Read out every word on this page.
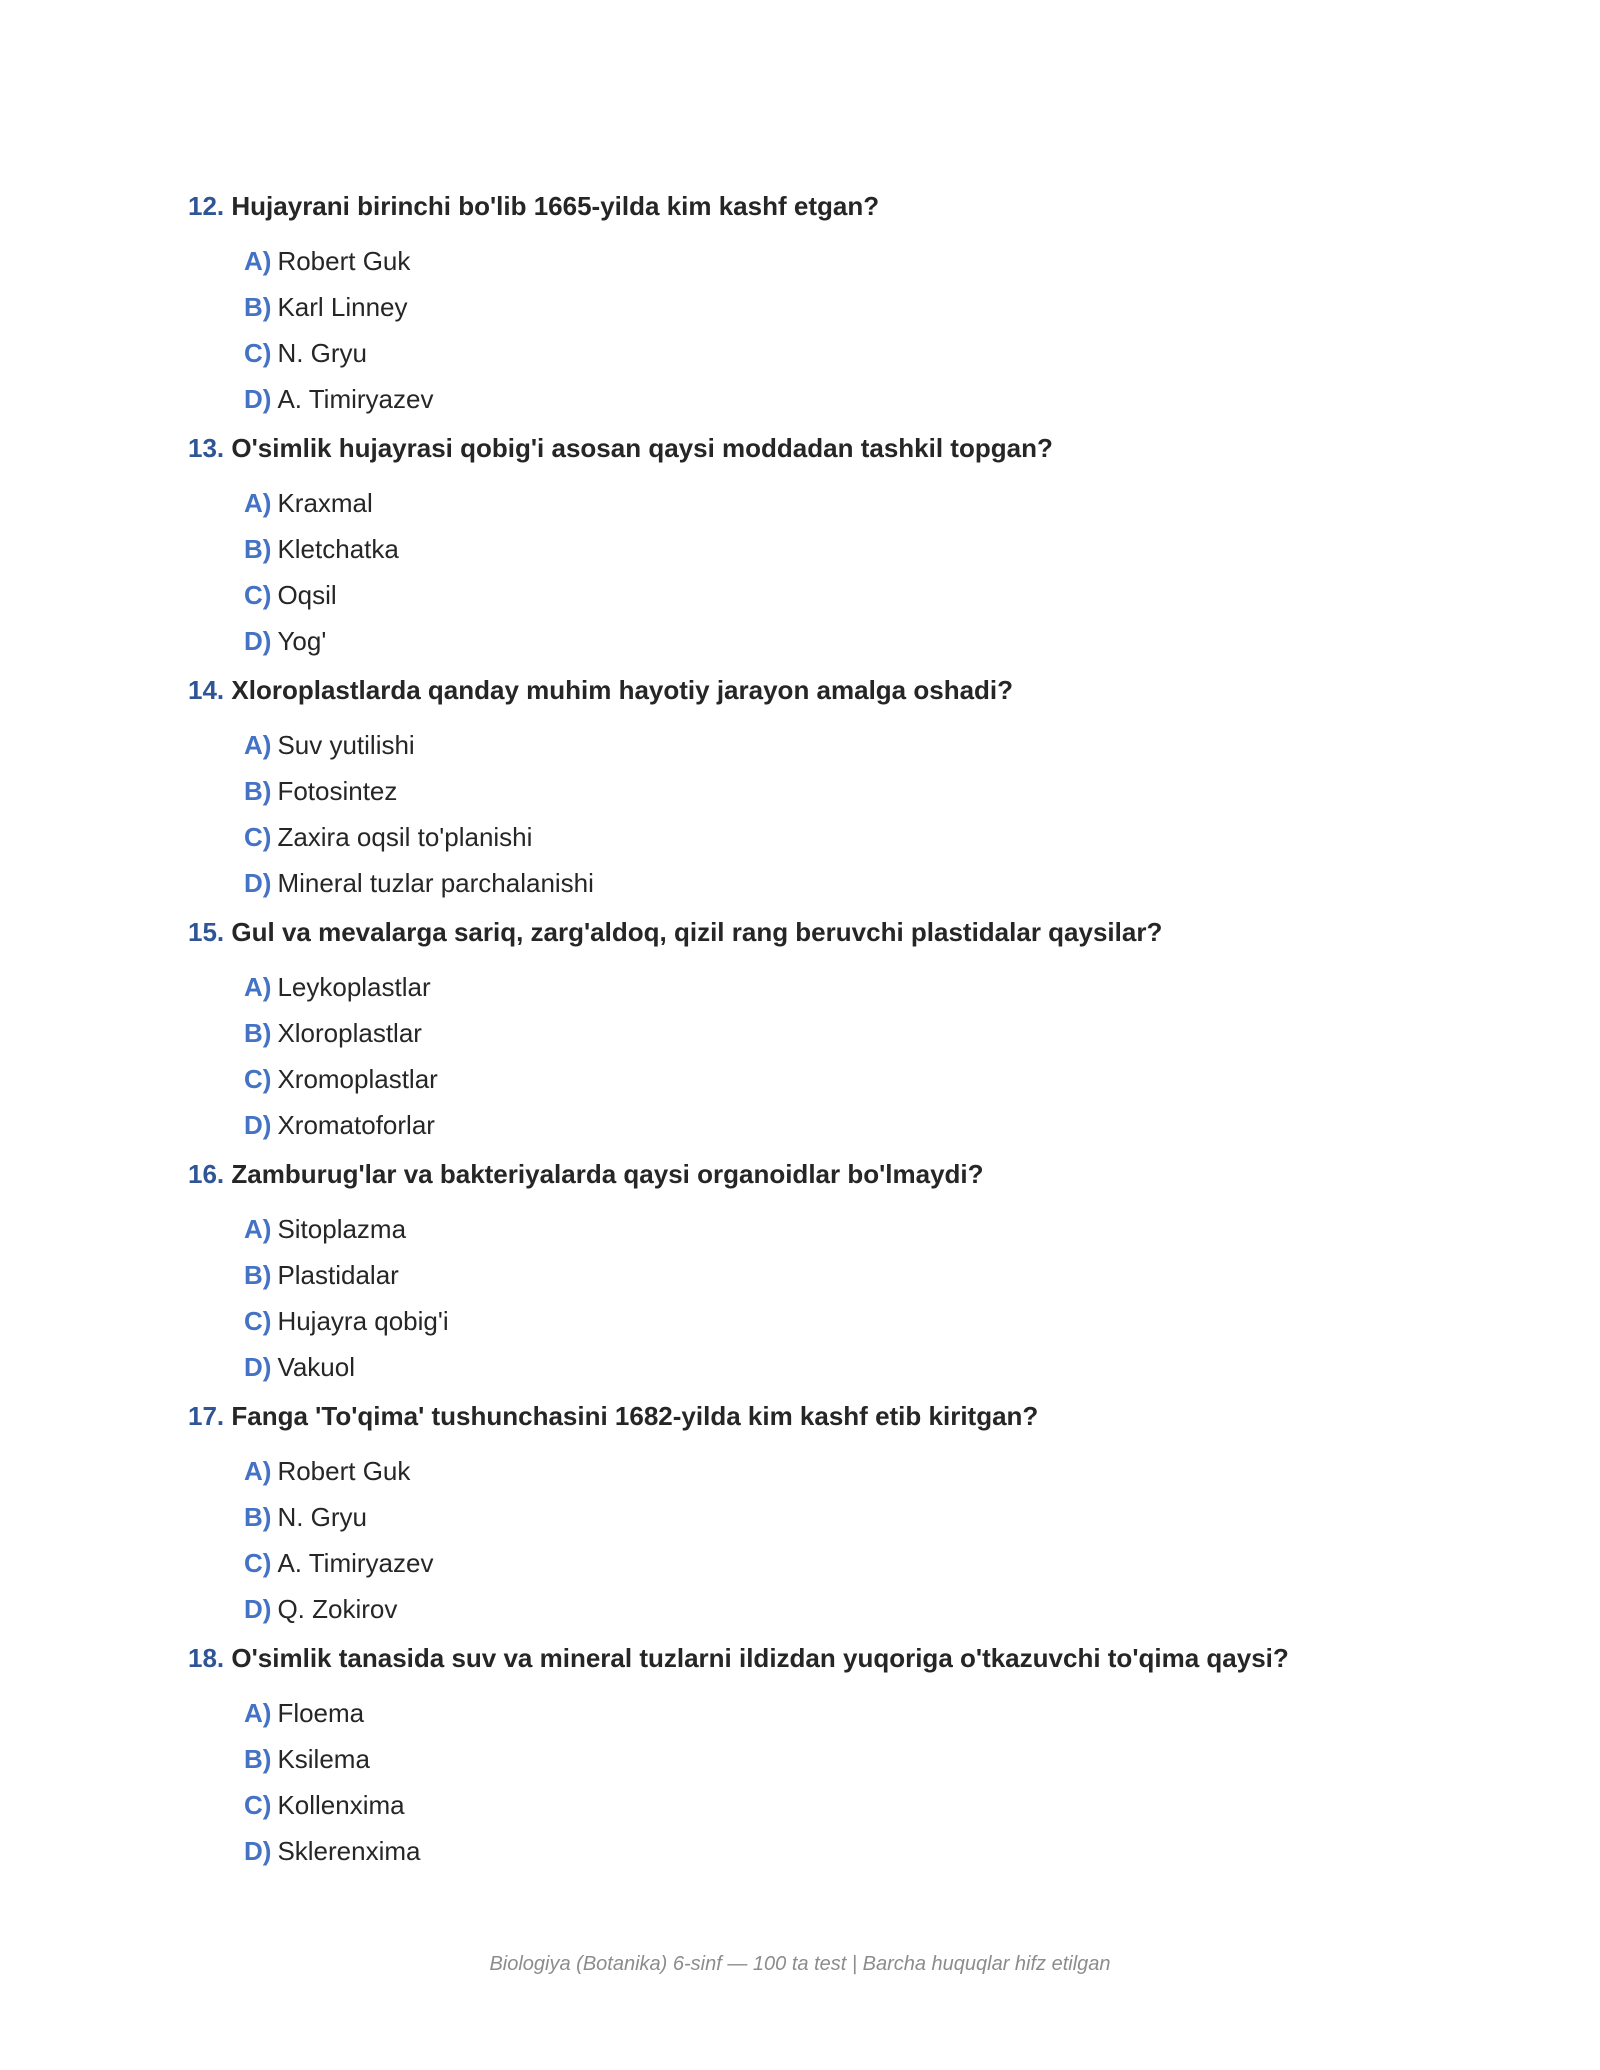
12. Hujayrani birinchi bo'lib 1665-yilda kim kashf etgan?
A) Robert Guk
B) Karl Linney
C) N. Gryu
D) A. Timiryazev
13. O'simlik hujayrasi qobig'i asosan qaysi moddadan tashkil topgan?
A) Kraxmal
B) Kletchatka
C) Oqsil
D) Yog'
14. Xloroplastlarda qanday muhim hayotiy jarayon amalga oshadi?
A) Suv yutilishi
B) Fotosintez
C) Zaxira oqsil to'planishi
D) Mineral tuzlar parchalanishi
15. Gul va mevalarga sariq, zarg'aldoq, qizil rang beruvchi plastidalar qaysilar?
A) Leykoplastlar
B) Xloroplastlar
C) Xromoplastlar
D) Xromatoforlar
16. Zamburug'lar va bakteriyalarda qaysi organoidlar bo'lmaydi?
A) Sitoplazma
B) Plastidalar
C) Hujayra qobig'i
D) Vakuol
17. Fanga 'To'qima' tushunchasini 1682-yilda kim kashf etib kiritgan?
A) Robert Guk
B) N. Gryu
C) A. Timiryazev
D) Q. Zokirov
18. O'simlik tanasida suv va mineral tuzlarni ildizdan yuqoriga o'tkazuvchi to'qima qaysi?
A) Floema
B) Ksilema
C) Kollenxima
D) Sklerenxima
Biologiya (Botanika) 6-sinf — 100 ta test | Barcha huquqlar hifz etilgan
